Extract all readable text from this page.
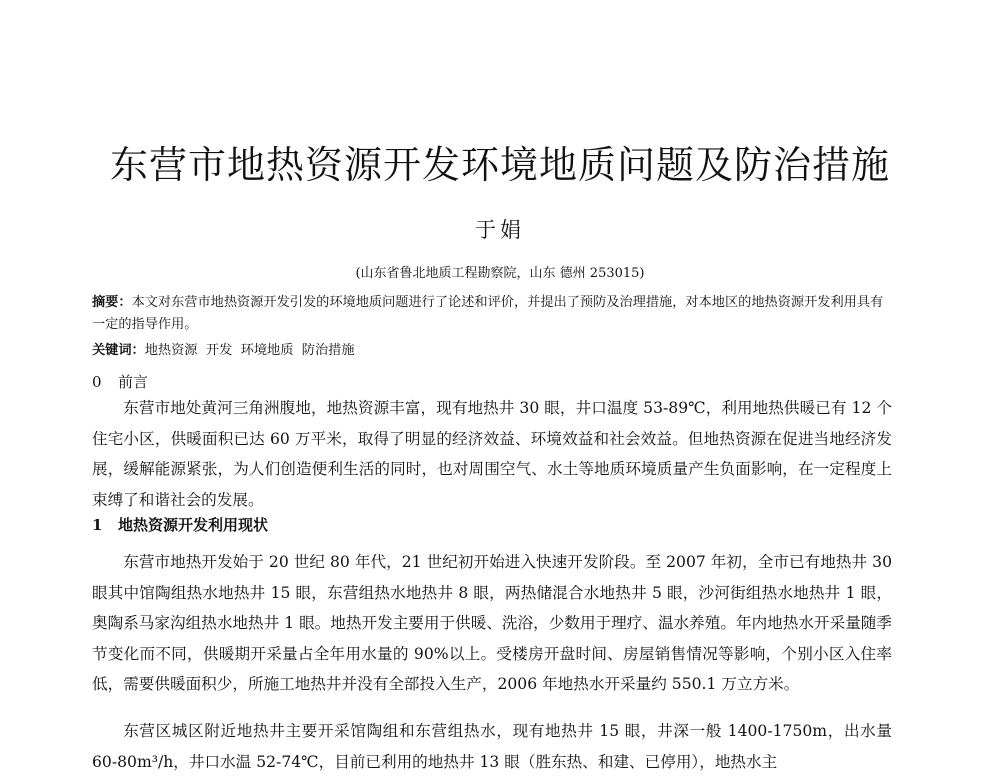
东营市地热资源开发环境地质问题及防治措施
于娟
(山东省鲁北地质工程勘察院，山东 德州 253015)
摘要：本文对东营市地热资源开发引发的环境地质问题进行了论述和评价，并提出了预防及治理措施，对本地区的地热资源开发利用具有一定的指导作用。
关键词：地热资源  开发  环境地质  防治措施
0 前言
东营市地处黄河三角洲腹地，地热资源丰富，现有地热井 30 眼，井口温度 53-89℃，利用地热供暖已有 12 个住宅小区，供暖面积已达 60 万平米，取得了明显的经济效益、环境效益和社会效益。但地热资源在促进当地经济发展，缓解能源紧张，为人们创造便利生活的同时，也对周围空气、水土等地质环境质量产生负面影响，在一定程度上束缚了和谐社会的发展。
1 地热资源开发利用现状
东营市地热开发始于 20 世纪 80 年代，21 世纪初开始进入快速开发阶段。至 2007 年初，全市已有地热井 30 眼其中馆陶组热水地热井 15 眼，东营组热水地热井 8 眼，两热储混合水地热井 5 眼，沙河街组热水地热井 1 眼，奥陶系马家沟组热水地热井 1 眼。地热开发主要用于供暖、洗浴，少数用于理疗、温水养殖。年内地热水开采量随季节变化而不同，供暖期开采量占全年用水量的 90%以上。受楼房开盘时间、房屋销售情况等影响，个别小区入住率低，需要供暖面积少，所施工地热井并没有全部投入生产，2006 年地热水开采量约 550.1 万立方米。
东营区城区附近地热井主要开采馆陶组和东营组热水，现有地热井 15 眼，井深一般 1400-1750m，出水量 60-80m³/h，井口水温 52-74℃，目前已利用的地热井 13 眼（胜东热、和建、已停用），地热水主
